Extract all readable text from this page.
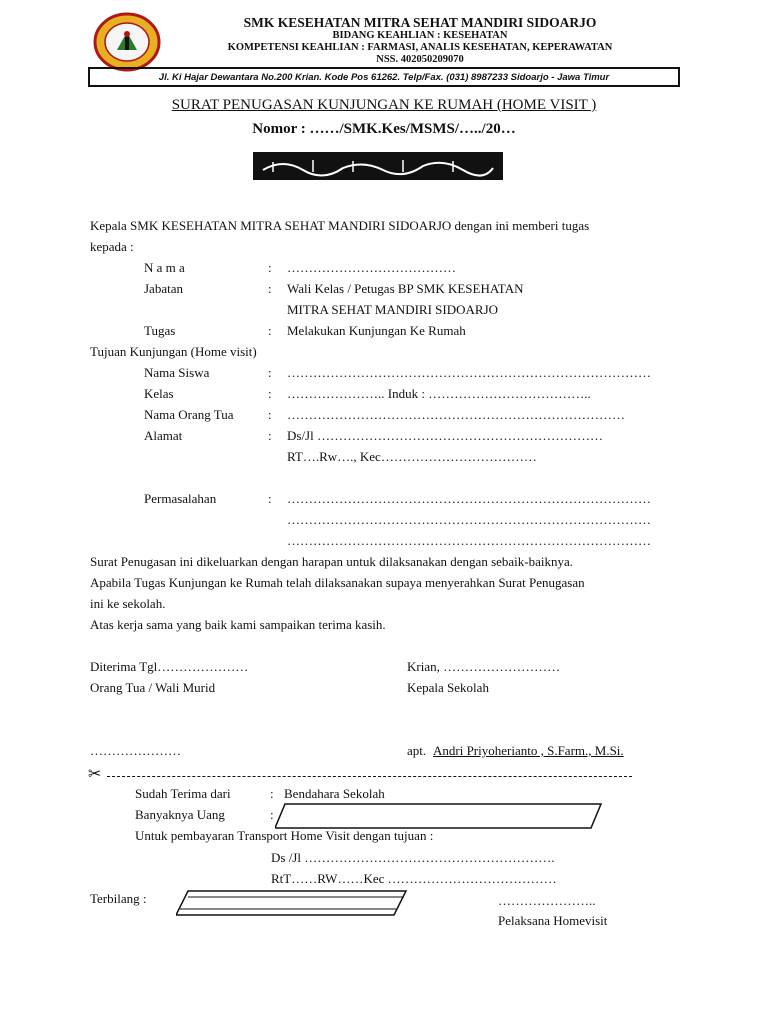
SMK KESEHATAN MITRA SEHAT MANDIRI SIDOARJO
BIDANG KEAHLIAN : KESEHATAN
KOMPETENSI KEAHLIAN : FARMASI, ANALIS KESEHATAN, KEPERAWATAN
NSS. 402050209070
Jl. Ki Hajar Dewantara No.200 Krian. Kode Pos 61262. Telp/Fax. (031) 8987233 Sidoarjo - Jawa Timur
SURAT PENUGASAN KUNJUNGAN KE RUMAH (HOME VISIT )
Nomor : ……/SMK.Kes/MSMS/…../20…
Kepala SMK KESEHATAN MITRA SEHAT MANDIRI SIDOARJO dengan ini memberi tugas
kepada :
N a m a	: …………………………………
Jabatan	: Wali Kelas / Petugas BP SMK KESEHATAN
MITRA SEHAT MANDIRI SIDOARJO
Tugas	: Melakukan Kunjungan Ke Rumah
Tujuan Kunjungan (Home visit)
Nama Siswa	: …………………………………………………………………………
Kelas	: ………………….. Induk : ………………………………..
Nama Orang Tua	: ……………………………………………………………………
Alamat	: Ds/Jl …………………………………………………………
RT….Rw…., Kec………………………………
Permasalahan	: …………………………………………………………………………
…………………………………………………………………………
…………………………………………………………………………
Surat Penugasan ini dikeluarkan dengan harapan untuk dilaksanakan dengan sebaik-baiknya.
Apabila Tugas Kunjungan ke Rumah telah dilaksanakan supaya menyerahkan Surat Penugasan
ini ke sekolah.
Atas kerja sama yang baik kami sampaikan terima kasih.
Diterima Tgl…………………
Orang Tua / Wali Murid
…………………
Krian, ………………………
Kepala Sekolah
apt. Andri Priyoherianto , S.Farm., M.Si.
✂
Sudah Terima dari	: Bendahara Sekolah
Banyaknya Uang	:
Untuk pembayaran Transport Home Visit dengan tujuan :
Ds /Jl ………………………………………………….
RtT……RW……Kec …………………………………
Terbilang :	…………………..
Pelaksana Homevisit
